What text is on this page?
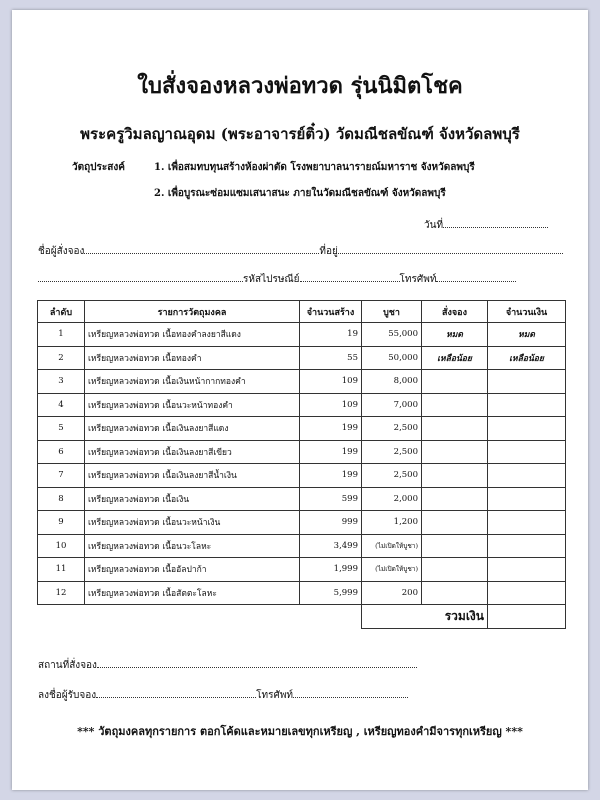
ใบสั่งจองหลวงพ่อทวด รุ่นนิมิตโชค
พระครูวิมลญาณอุดม (พระอาจารย์ติ๋ว) วัดมณีชลขัณฑ์ จังหวัดลพบุรี
วัตถุประสงค์	1. เพื่อสมทบทุนสร้างห้องผ่าตัด โรงพยาบาลนารายณ์มหาราช จังหวัดลพบุรี
2. เพื่อบูรณะซ่อมแซมเสนาสนะ ภายในวัดมณีชลขัณฑ์ จังหวัดลพบุรี
วันที่
ชื่อผู้สั่งจอง	ที่อยู่
รหัสไปรษณีย์	โทรศัพท์
ลำดับ	รายการวัตถุมงคล	จำนวนสร้าง	บูชา	สั่งจอง	จำนวนเงิน
1	เหรียญหลวงพ่อทวด เนื้อทองคำลงยาสีแดง	19	55,000	หมด	หมด
2	เหรียญหลวงพ่อทวด เนื้อทองคำ	55	50,000	เหลือน้อย	เหลือน้อย
3	เหรียญหลวงพ่อทวด เนื้อเงินหน้ากากทองคำ	109	8,000		
4	เหรียญหลวงพ่อทวด เนื้อนวะหน้าทองคำ	109	7,000		
5	เหรียญหลวงพ่อทวด เนื้อเงินลงยาสีแดง	199	2,500		
6	เหรียญหลวงพ่อทวด เนื้อเงินลงยาสีเขียว	199	2,500		
7	เหรียญหลวงพ่อทวด เนื้อเงินลงยาสีน้ำเงิน	199	2,500		
8	เหรียญหลวงพ่อทวด เนื้อเงิน	599	2,000		
9	เหรียญหลวงพ่อทวด เนื้อนวะหน้าเงิน	999	1,200		
10	เหรียญหลวงพ่อทวด เนื้อนวะโลหะ	3,499	(ไม่เปิดให้บูชา)		
11	เหรียญหลวงพ่อทวด เนื้ออัลปาก้า	1,999	(ไม่เปิดให้บูชา)		
12	เหรียญหลวงพ่อทวด เนื้อสัตตะโลหะ	5,999	200		
			รวมเงิน		
สถานที่สั่งจอง
ลงชื่อผู้รับจอง	โทรศัพท์
*** วัตถุมงคลทุกรายการ ตอกโค้ดและหมายเลขทุกเหรียญ , เหรียญทองคำมีจารทุกเหรียญ ***
